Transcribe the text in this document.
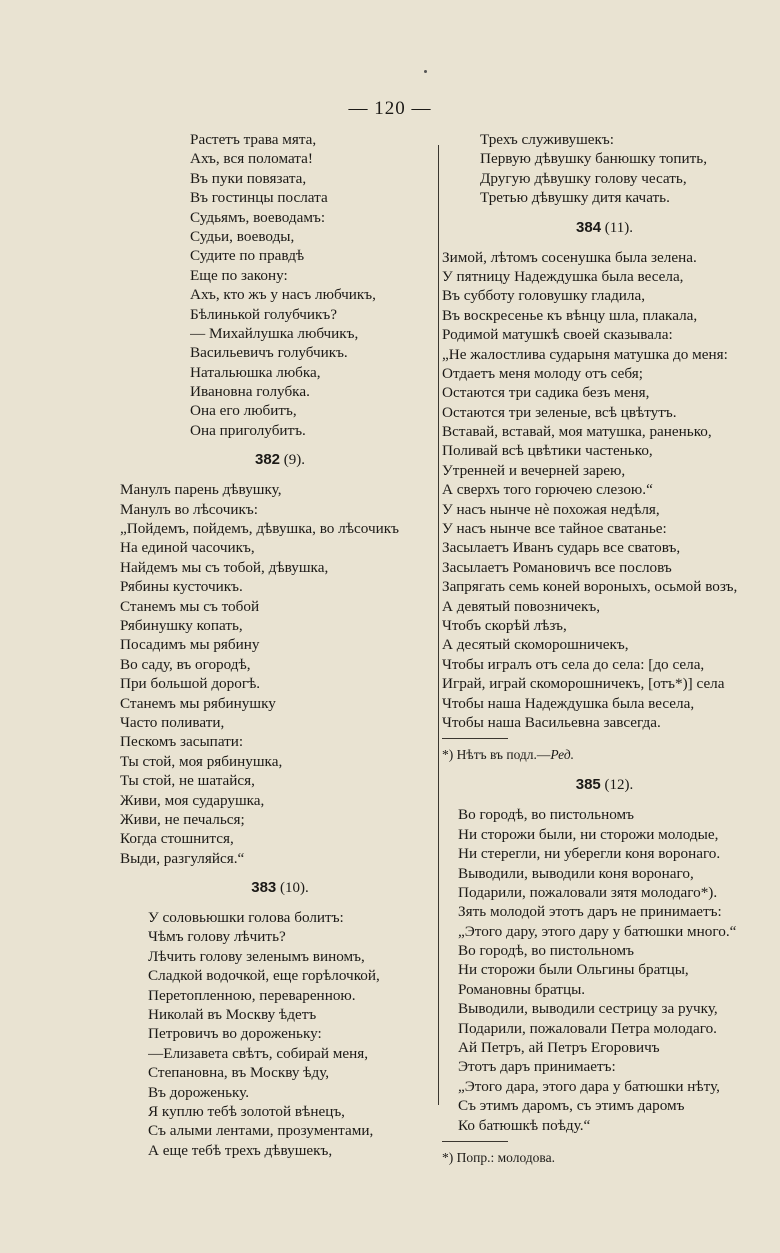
— 120 —
Растетъ трава мята,
Ахъ, вся поломата!
Въ пуки повязата,
Въ гостинцы послата
Судьямъ, воеводамъ:
Судьи, воеводы,
Судите по правдѣ
Еще по закону:
Ахъ, кто жъ у насъ любчикъ,
Бѣлинькой голубчикъ?
— Михайлушка любчикъ,
Васильевичъ голубчикъ.
Натальюшка любка,
Ивановна голубка.
Она его любитъ,
Она приголубитъ.
382 (9).
Манулъ парень дѣвушку,
Манулъ во лѣсочикъ:
„Пойдемъ, пойдемъ, дѣвушка, во лѣсочикъ
На единой часочикъ,
Найдемъ мы съ тобой, дѣвушка,
Рябины кусточикъ.
Станемъ мы съ тобой
Рябинушку копать,
Посадимъ мы рябину
Во саду, въ огородѣ,
При большой дорогѣ.
Станемъ мы рябинушку
Часто поливати,
Пескомъ засыпати:
Ты стой, моя рябинушка,
Ты стой, не шатайся,
Живи, моя сударушка,
Живи, не печалься;
Когда стошнится,
Выди, разгуляйся.“
383 (10).
У соловьюшки голова болитъ:
Чѣмъ голову лѣчить?
Лѣчить голову зеленымъ виномъ,
Сладкой водочкой, еще горѣлочкой,
Перетопленною, переваренною.
Николай въ Москву ѣдетъ
Петровичъ во дороженьку:
—Елизавета свѣтъ, собирай меня,
Степановна, въ Москву ѣду,
Въ дороженьку.
Я куплю тебѣ золотой вѣнецъ,
Съ алыми лентами, прозументами,
А еще тебѣ трехъ дѣвушекъ,
Трехъ служивушекъ:
Первую дѣвушку банюшку топить,
Другую дѣвушку голову чесать,
Третью дѣвушку дитя качать.
384 (11).
Зимой, лѣтомъ сосенушка была зелена.
У пятницу Надеждушка была весела,
Въ субботу головушку гладила,
Въ воскресенье къ вѣнцу шла, плакала,
Родимой матушкѣ своей сказывала:
„Не жалостлива сударыня матушка до меня:
Отдаетъ меня молоду отъ себя;
Остаются три садика безъ меня,
Остаются три зеленые, всѣ цвѣтутъ.
Вставай, вставай, моя матушка, раненько,
Поливай всѣ цвѣтики частенько,
Утренней и вечерней зарею,
А сверхъ того горючею слезою.“
У насъ нынче нѐ похожая недѣля,
У насъ нынче все тайное сватанье:
Засылаетъ Иванъ сударь все сватовъ,
Засылаетъ Романовичъ все пословъ
Запрягать семь коней вороныхъ, осьмой возъ,
А девятый повозничекъ,
Чтобъ скорѣй лѣзъ,
А десятый скоморошничекъ,
Чтобы игралъ отъ села до села: [до села,
Играй, играй скоморошничекъ, [отъ*)] села
Чтобы наша Надеждушка была весела,
Чтобы наша Васильевна завсегда.
*) Нѣтъ въ подл.—Ред.
385 (12).
Во городѣ, во пистольномъ
Ни сторожи были, ни сторожи молодые,
Ни стерегли, ни уберегли коня воронаго.
Выводили, выводили коня воронаго,
Подарили, пожаловали зятя молодаго*).
Зять молодой этотъ даръ не принимаетъ:
„Этого дару, этого дару у батюшки много.“
Во городѣ, во пистольномъ
Ни сторожи были Ольгины братцы,
Романовны братцы.
Выводили, выводили сестрицу за ручку,
Подарили, пожаловали Петра молодаго.
Ай Петръ, ай Петръ Егоровичъ
Этотъ даръ принимаетъ:
„Этого дара, этого дара у батюшки нѣту,
Съ этимъ даромъ, съ этимъ даромъ
Ко батюшкѣ поѣду.“
*) Попр.: молодова.
